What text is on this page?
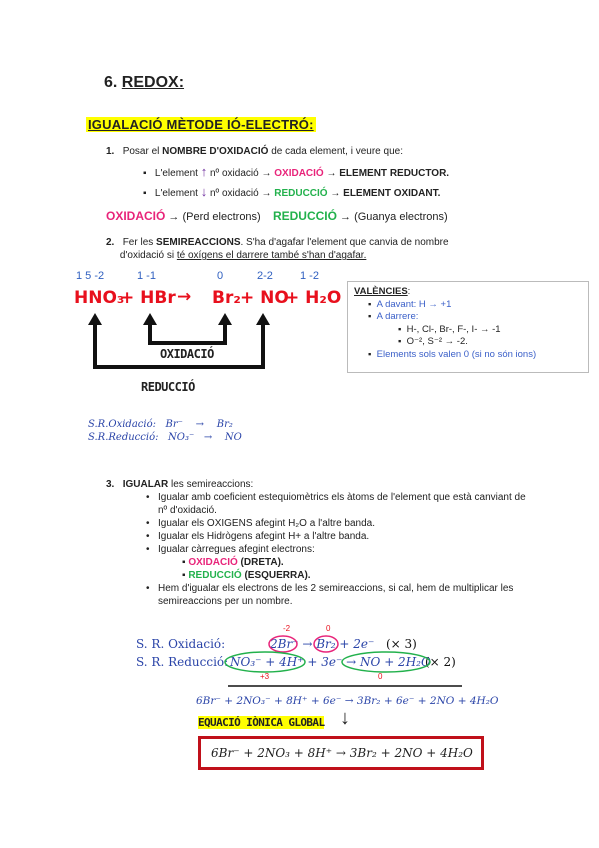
6. REDOX:
IGUALACIÓ MÈTODE IÓ-ELECTRÓ:
1. Posar el NOMBRE D'OXIDACIÓ de cada element, i veure que:
▪   L'element ↑ nº oxidació → OXIDACIÓ → ELEMENT REDUCTOR.
▪   L'element ↓ nº oxidació → REDUCCIÓ → ELEMENT OXIDANT.
OXIDACIÓ → (Perd electrons) REDUCCIÓ → (Guanya electrons)
2. Fer les SEMIREACCIONS. S'ha d'agafar l'element que canvia de nombre
d'oxidació si té oxígens el darrere també s'han d'agafar.
1 5 -2	1 -1	0	2-2 1 -2
HNO₃
+ HBr → Br₂ + NO
+ H₂O
OXIDACIÓ
REDUCCIÓ
VALÈNCIES:
▪  A davant: H → +1
▪  A darrere:
▪  H-, Cl-, Br-, F-, I- → -1
▪  O⁻², S⁻² → -2.
▪ Elements sols valen 0 (si no són ions)
S.R.Oxidació: Br⁻ → Br₂
S.R.Reducció: NO₃⁻ → NO
3. IGUALAR les semireaccions:
• Igualar amb coeficient estequiomètrics els àtoms de l'element que està canviant de nº d'oxidació.
• Igualar els OXIGENS afegint H₂O a l'altre banda.
• Igualar els Hidrògens afegint H+ a l'altre banda.
• Igualar càrregues afegint electrons:
▪ OXIDACIÓ (DRETA).
▪ REDUCCIÓ (ESQUERRA).
• Hem d'igualar els electrons de les 2 semireaccions, si cal, hem de multiplicar les semireaccions per un nombre.
-2	0
S. R. Oxidació:	2Br⁻ → Br₂ + 2e⁻ (× 3)
S. R. Reducció: NO₃⁻ + 4H⁺ + 3e⁻ → NO + 2H₂O
(× 2)
+3	0
6Br⁻ + 2NO₃⁻ + 8H⁺ + 6e⁻ → 3Br₂ + 6e⁻ + 2NO + 4H₂O
EQUACIÓ IÒNICA GLOBAL ↓
6Br⁻ + 2NO₃ + 8H⁺ → 3Br₂ + 2NO + 4H₂O
